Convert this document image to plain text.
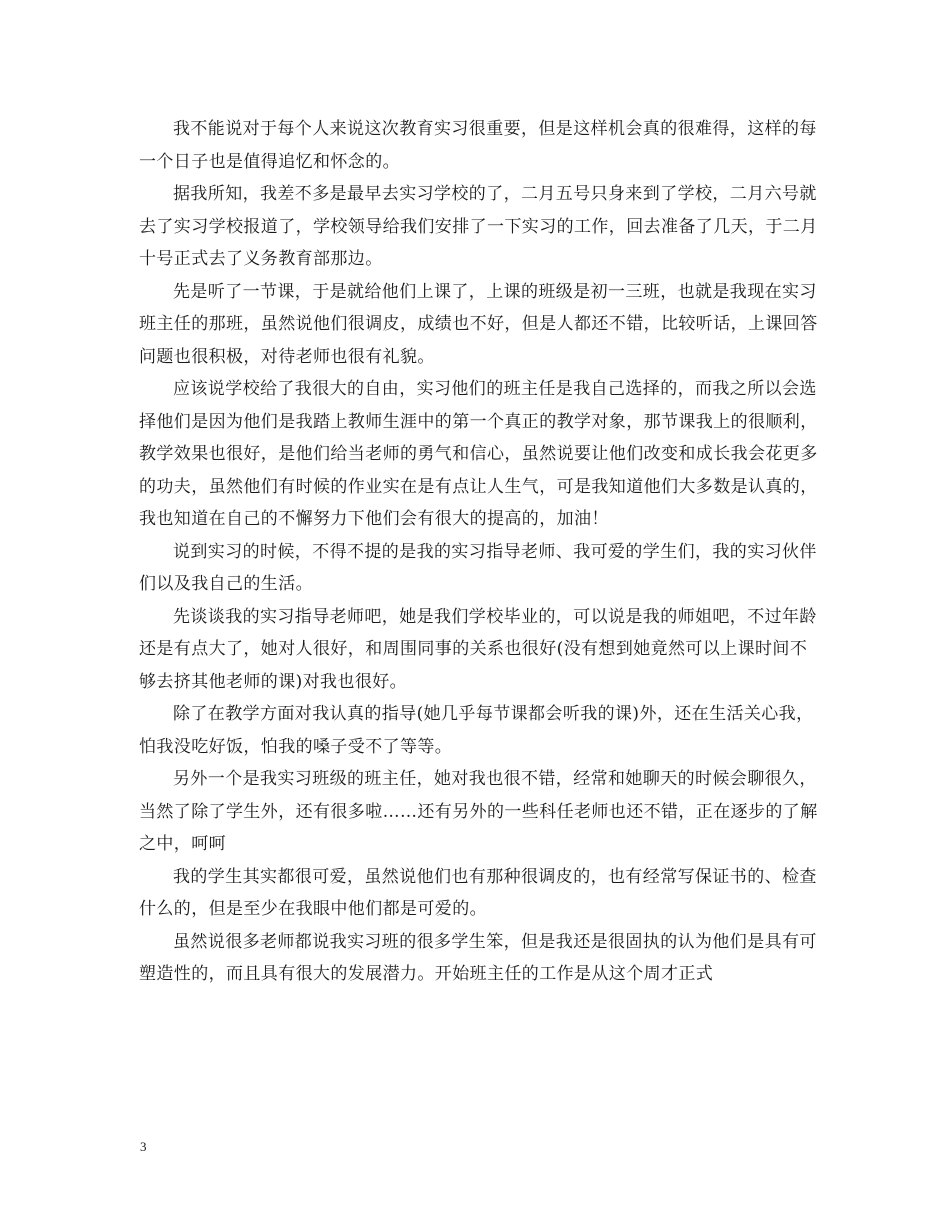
我不能说对于每个人来说这次教育实习很重要，但是这样机会真的很难得，这样的每一个日子也是值得追忆和怀念的。

据我所知，我差不多是最早去实习学校的了，二月五号只身来到了学校，二月六号就去了实习学校报道了，学校领导给我们安排了一下实习的工作，回去准备了几天，于二月十号正式去了义务教育部那边。

先是听了一节课，于是就给他们上课了，上课的班级是初一三班，也就是我现在实习班主任的那班，虽然说他们很调皮，成绩也不好，但是人都还不错，比较听话，上课回答问题也很积极，对待老师也很有礼貌。

应该说学校给了我很大的自由，实习他们的班主任是我自己选择的，而我之所以会选择他们是因为他们是我踏上教师生涯中的第一个真正的教学对象，那节课我上的很顺利，教学效果也很好，是他们给当老师的勇气和信心，虽然说要让他们改变和成长我会花更多的功夫，虽然他们有时候的作业实在是有点让人生气，可是我知道他们大多数是认真的，我也知道在自己的不懈努力下他们会有很大的提高的，加油！

说到实习的时候，不得不提的是我的实习指导老师、我可爱的学生们，我的实习伙伴们以及我自己的生活。

先谈谈我的实习指导老师吧，她是我们学校毕业的，可以说是我的师姐吧，不过年龄还是有点大了，她对人很好，和周围同事的关系也很好(没有想到她竟然可以上课时间不够去挤其他老师的课)对我也很好。

除了在教学方面对我认真的指导(她几乎每节课都会听我的课)外，还在生活关心我，怕我没吃好饭，怕我的嗓子受不了等等。

另外一个是我实习班级的班主任，她对我也很不错，经常和她聊天的时候会聊很久，当然了除了学生外，还有很多啦……还有另外的一些科任老师也还不错，正在逐步的了解之中，呵呵

我的学生其实都很可爱，虽然说他们也有那种很调皮的，也有经常写保证书的、检查什么的，但是至少在我眼中他们都是可爱的。

虽然说很多老师都说我实习班的很多学生笨，但是我还是很固执的认为他们是具有可塑造性的，而且具有很大的发展潜力。开始班主任的工作是从这个周才正式

3
